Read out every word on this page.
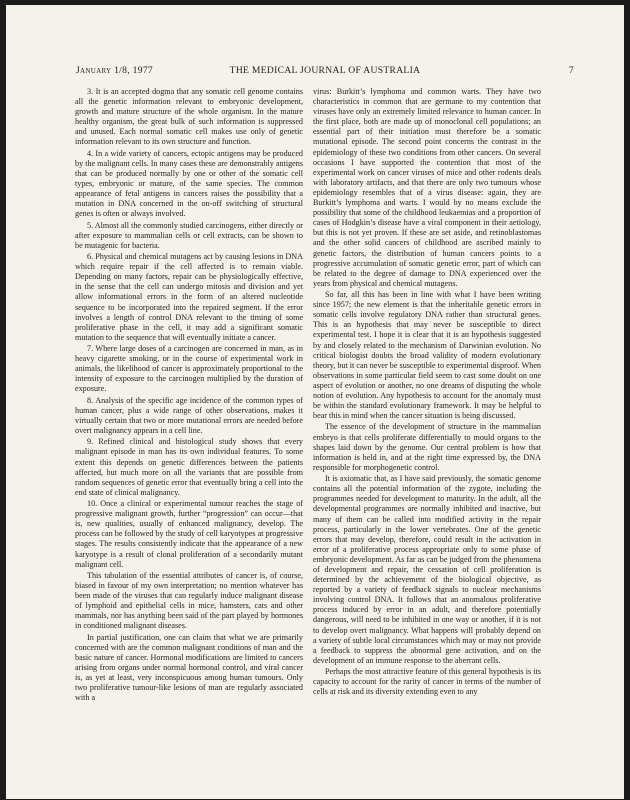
January 1/8, 1977	THE MEDICAL JOURNAL OF AUSTRALIA	7

3. It is an accepted dogma that any somatic cell genome contains all the genetic information relevant to embryonic development, growth and mature structure of the whole organism. In the mature healthy organism, the great bulk of such information is suppressed and unused. Each normal somatic cell makes use only of genetic information relevant to its own structure and function.

4. In a wide variety of cancers, ectopic antigens may be produced by the malignant cells. In many cases these are demonstrably antigens that can be produced normally by one or other of the somatic cell types, embryonic or mature, of the same species. The common appearance of fetal antigens in cancers raises the possibility that a mutation in DNA concerned in the on-off switching of structural genes is often or always involved.

5. Almost all the commonly studied carcinogens, either directly or after exposure to mammalian cells or cell extracts, can be shown to be mutagenic for bacteria.

6. Physical and chemical mutagens act by causing lesions in DNA which require repair if the cell affected is to remain viable. Depending on many factors, repair can be physiologically effective, in the sense that the cell can undergo mitosis and division and yet allow informational errors in the form of an altered nucleotide sequence to be incorporated into the repaired segment. If the error involves a length of control DNA relevant to the timing of some proliferative phase in the cell, it may add a significant somatic mutation to the sequence that will eventually initiate a cancer.

7. Where large doses of a carcinogen are concerned in man, as in heavy cigarette smoking, or in the course of experimental work in animals, the likelihood of cancer is approximately proportional to the intensity of exposure to the carcinogen multiplied by the duration of exposure.

8. Analysis of the specific age incidence of the common types of human cancer, plus a wide range of other observations, makes it virtually certain that two or more mutational errors are needed before overt malignancy appears in a cell line.

9. Refined clinical and histological study shows that every malignant episode in man has its own individual features. To some extent this depends on genetic differences between the patients affected, but much more on all the variants that are possible from random sequences of genetic error that eventually bring a cell into the end state of clinical malignancy.

10. Once a clinical or experimental tumour reaches the stage of progressive malignant growth, further “progression” can occur—that is, new qualities, usually of enhanced malignancy, develop. The process can be followed by the study of cell karyotypes at progressive stages. The results consistently indicate that the appearance of a new karyotype is a result of clonal proliferation of a secondarily mutant malignant cell.

This tabulation of the essential attributes of cancer is, of course, biased in favour of my own interpretation; no mention whatever has been made of the viruses that can regularly induce malignant disease of lymphoid and epithelial cells in mice, hamsters, cats and other mammals, nor has anything been said of the part played by hormones in conditioned malignant diseases.

In partial justification, one can claim that what we are primarily concerned with are the common malignant conditions of man and the basic nature of cancer. Hormonal modifications are limited to cancers arising from organs under normal hormonal control, and viral cancer is, as yet at least, very inconspicuous among human tumours. Only two proliferative tumour-like lesions of man are regularly associated with a

virus: Burkitt’s lymphoma and common warts. They have two characteristics in common that are germane to my contention that viruses have only an extremely limited relevance to human cancer. In the first place, both are made up of monoclonal cell populations; an essential part of their initiation must therefore be a somatic mutational episode. The second point concerns the contrast in the epidemiology of these two conditions from other cancers. On several occasions I have supported the contention that most of the experimental work on cancer viruses of mice and other rodents deals with laboratory artifacts, and that there are only two tumours whose epidemiology resembles that of a virus disease: again, they are Burkitt’s lymphoma and warts. I would by no means exclude the possibility that some of the childhood leukaemias and a proportion of cases of Hodgkin’s disease have a viral component in their aetiology, but this is not yet proven. If these are set aside, and retinoblastomas and the other solid cancers of childhood are ascribed mainly to genetic factors, the distribution of human cancers points to a progressive accumulation of somatic genetic error, part of which can be related to the degree of damage to DNA experienced over the years from physical and chemical mutagens.

So far, all this has been in line with what I have been writing since 1957; the new element is that the inheritable genetic errors in somatic cells involve regulatory DNA rather than structural genes. This is an hypothesis that may never be susceptible to direct experimental test. I hope it is clear that it is an hypothesis suggested by and closely related to the mechanism of Darwinian evolution. No critical biologist doubts the broad validity of modern evolutionary theory, but it can never be susceptible to experimental disproof. When observations in some particular field seem to cast some doubt on one aspect of evolution or another, no one dreams of disputing the whole notion of evolution. Any hypothesis to account for the anomaly must be within the standard evolutionary framework. It may be helpful to bear this in mind when the cancer situation is being discussed.

The essence of the development of structure in the mammalian embryo is that cells proliferate differentially to mould organs to the shapes laid down by the genome. Our central problem is how that information is held in, and at the right time expressed by, the DNA responsible for morphogenetic control.

It is axiomatic that, as I have said previously, the somatic genome contains all the potential information of the zygote, including the programmes needed for development to maturity. In the adult, all the developmental programmes are normally inhibited and inactive, but many of them can be called into modified activity in the repair process, particularly in the lower vertebrates. One of the genetic errors that may develop, therefore, could result in the activation in error of a proliferative process appropriate only to some phase of embryonic development. As far as can be judged from the phenomena of development and repair, the cessation of cell proliferation is determined by the achievement of the biological objective, as reported by a variety of feedback signals to nuclear mechanisms involving control DNA. It follows that an anomalous proliferative process induced by error in an adult, and therefore potentially dangerous, will need to be inhibited in one way or another, if it is not to develop overt malignancy. What happens will probably depend on a variety of subtle local circumstances which may or may not provide a feedback to suppress the abnormal gene activation, and on the development of an immune response to the aberrant cells.

Perhaps the most attractive feature of this general hypothesis is its capacity to account for the rarity of cancer in terms of the number of cells at risk and its diversity extending even to any
